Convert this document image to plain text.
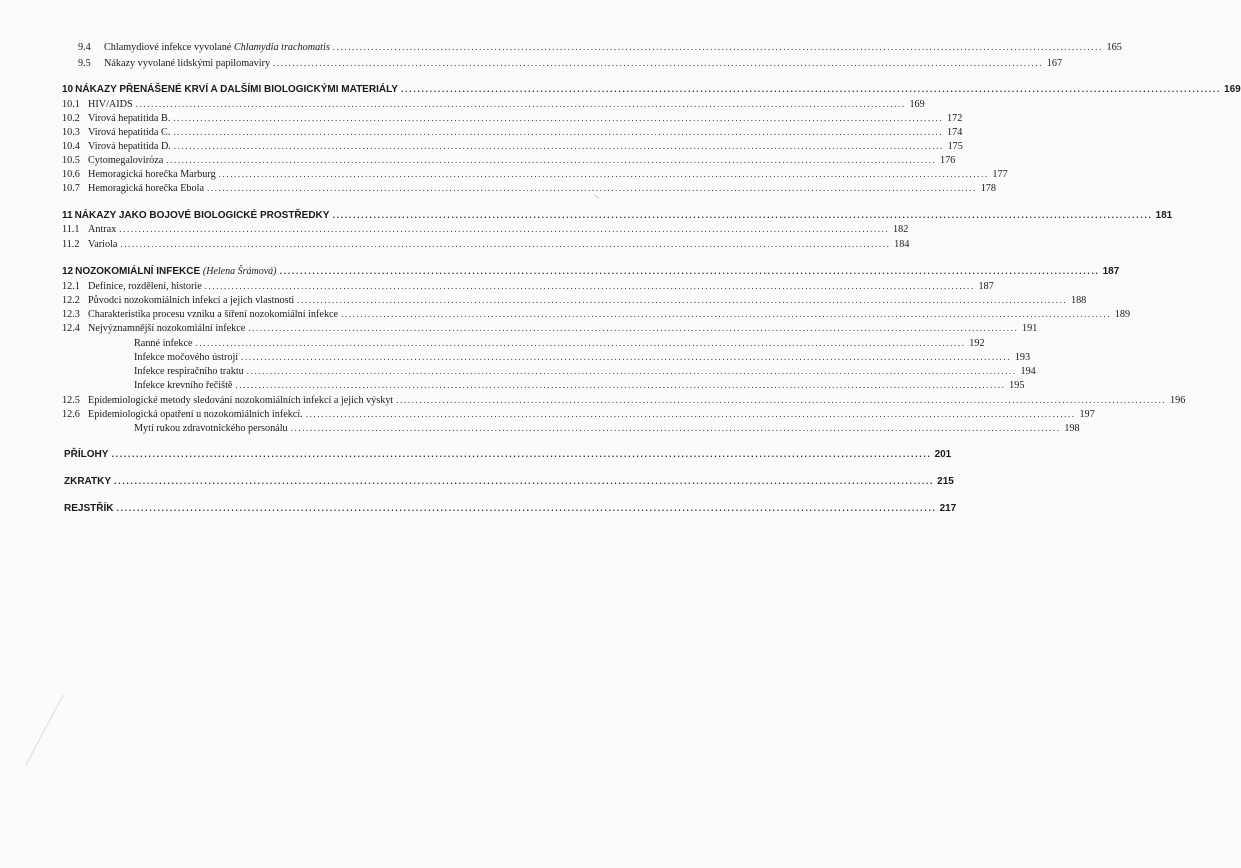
9.4	Chlamydiové infekce vyvolané Chlamydia trachomatis ........................................................................................................................................................................................................ 165
9.5	Nákazy vyvolané lidskými papilomaviry ........................................................................................................................................................................................................ 167
10 NÁKAZY PŘENÁŠENÉ KRVÍ A DALŠÍMI BIOLOGICKÝMI MATERIÁLY ........................................................................................................................................................................................................ 169
10.1 HIV/AIDS ........................................................................................................................................................................................................ 169
10.2 Virová hepatitida B. ........................................................................................................................................................................................................ 172
10.3 Virová hepatitida C. ........................................................................................................................................................................................................ 174
10.4 Virová hepatitida D. ........................................................................................................................................................................................................ 175
10.5 Cytomegalovirόza ........................................................................................................................................................................................................ 176
10.6 Hemoragická horečka Marburg ........................................................................................................................................................................................................ 177
10.7 Hemoragická horečka Ebola ........................................................................................................................................................................................................ 178
11 NÁKAZY JAKO BOJOVÉ BIOLOGICKÉ PROSTŘEDKY ........................................................................................................................................................................................................ 181
11.1 Antrax ........................................................................................................................................................................................................ 182
11.2 Variola ........................................................................................................................................................................................................ 184
12 NOZOKOMIÁLNÍ INFEKCE (Helena Šrámová) ........................................................................................................................................................................................................ 187
12.1 Definice, rozdělení, historie ........................................................................................................................................................................................................ 187
12.2 Původci nozokomiálních infekcí a jejich vlastnosti ........................................................................................................................................................................................................ 188
12.3 Charakteristika procesu vzniku a šíření nozokomiální infekce ........................................................................................................................................................................................................ 189
12.4 Nejvýznamnější nozokomiální infekce ........................................................................................................................................................................................................ 191
Ranné infekce ........................................................................................................................................................................................................ 192
Infekce močového ústrojí ........................................................................................................................................................................................................ 193
Infekce respiračního traktu ........................................................................................................................................................................................................ 194
Infekce krevního řečiště ........................................................................................................................................................................................................ 195
12.5 Epidemiologické metody sledování nozokomiálních infekcí a jejich výskyt ........................................................................................................................................................................................................ 196
12.6 Epidemiologická opatření u nozokomiálních infekcí. ........................................................................................................................................................................................................ 197
Mytí rukou zdravotnického personálu ........................................................................................................................................................................................................ 198
PŘÍLOHY ........................................................................................................................................................................................................ 201
ZKRATKY ........................................................................................................................................................................................................ 215
REJSTŘÍK ........................................................................................................................................................................................................ 217
